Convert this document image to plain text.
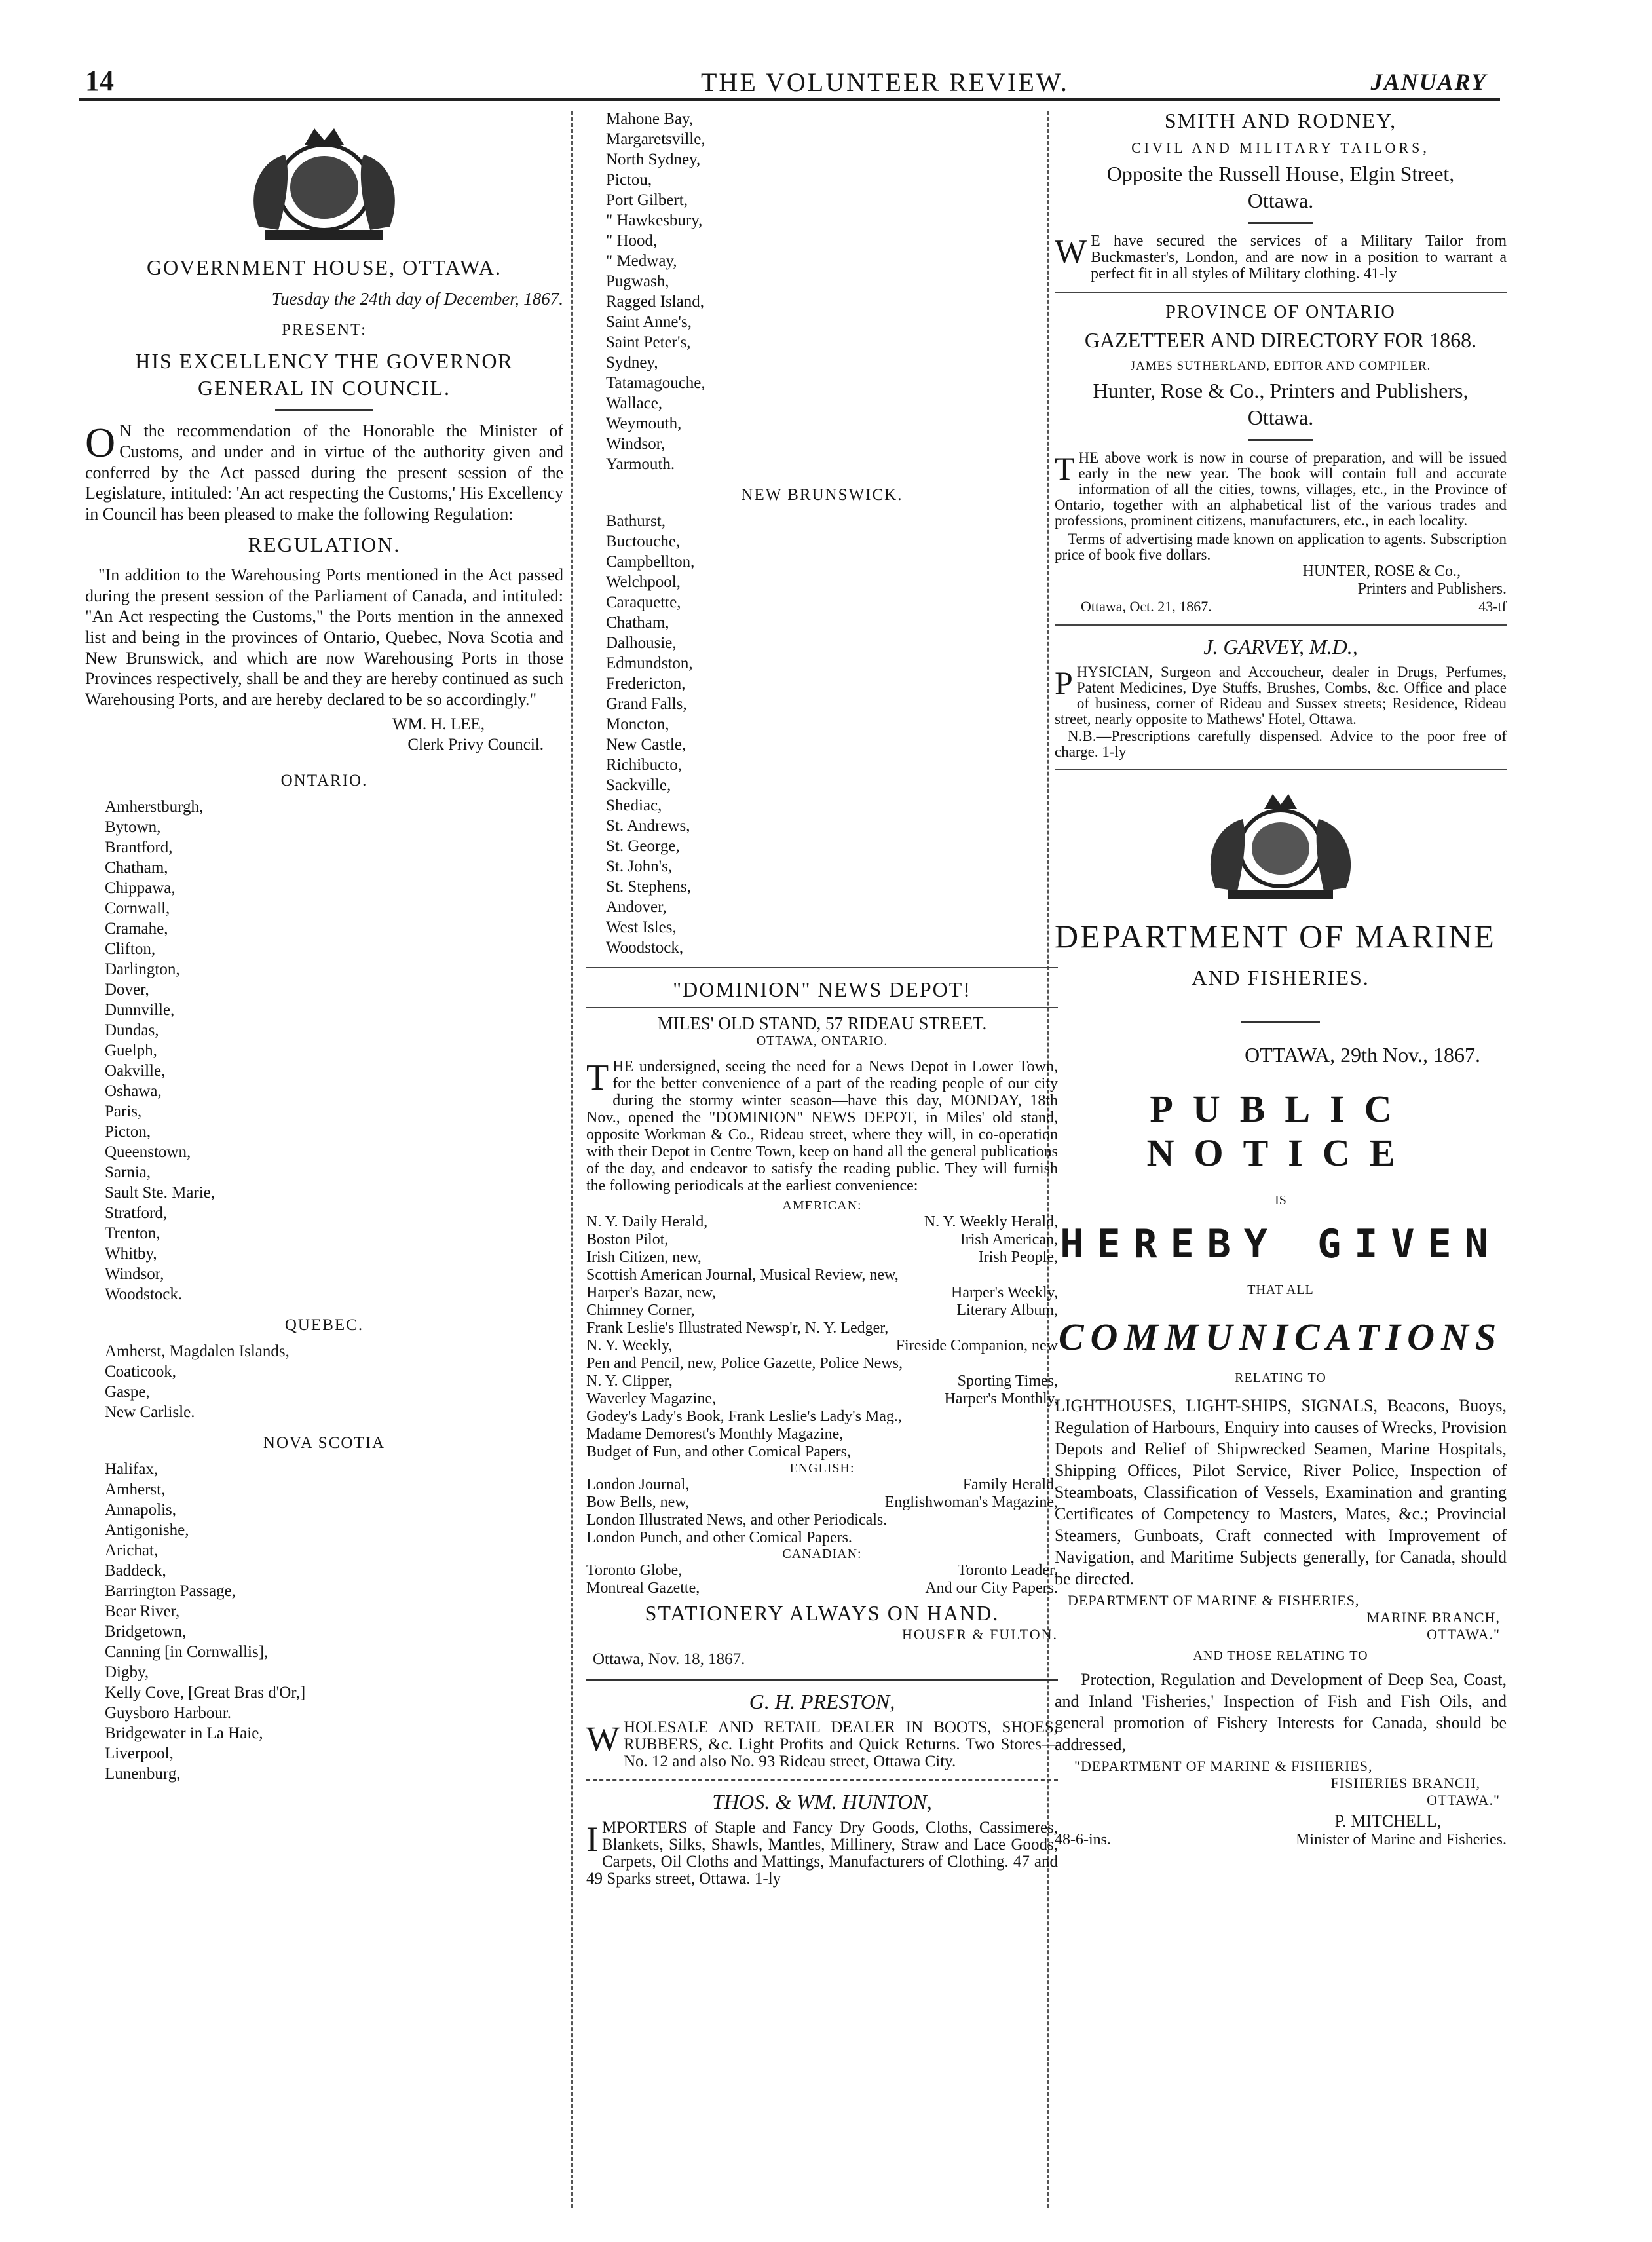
14	THE VOLUNTEER REVIEW.	JANUARY
GOVERNMENT HOUSE, OTTAWA.
Tuesday the 24th day of December, 1867.
PRESENT:
HIS EXCELLENCY THE GOVERNOR
GENERAL IN COUNCIL.

O N the recommendation of the Honorable the Minister of Customs, and under and in virtue of the authority given and conferred by the Act passed during the present session of the Legislature, intituled: 'An act respecting the Customs,' His Excellency in Council has been pleased to make the following Regulation:

REGULATION.

"In addition to the Warehousing Ports mentioned in the Act passed during the present session of the Parliament of Canada, and intituled: "An Act respecting the Customs," the Ports mention in the annexed list and being in the provinces of Ontario, Quebec, Nova Scotia and New Brunswick, and which are now Warehousing Ports in those Provinces respectively, shall be and they are hereby continued as such Warehousing Ports, and are hereby declared to be so accordingly."

WM. H. LEE,
Clerk Privy Council.
ONTARIO.
Amherstburgh,
Bytown,
Brantford,
Chatham,
Chippawa,
Cornwall,
Cramahe,
Clifton,
Darlington,
Dover,
Dunnville,
Dundas,
Guelph,
Oakville,
Oshawa,
Paris,
Picton,
Queenstown,
Sarnia,
Sault Ste. Marie,
Stratford,
Trenton,
Whitby,
Windsor,
Woodstock.
QUEBEC.
Amherst, Magdalen Islands,
Coaticook,
Gaspe,
New Carlisle.
NOVA SCOTIA
Halifax,
Amherst,
Annapolis,
Antigonishe,
Arichat,
Baddeck,
Barrington Passage,
Bear River,
Bridgetown,
Canning [in Cornwallis],
Digby,
Kelly Cove, [Great Bras d'Or,]
Guysboro Harbour.
Bridgewater in La Haie,
Liverpool,
Lunenburg,
Mahone Bay,
Margaretsville,
North Sydney,
Pictou,
Port Gilbert,
" Hawkesbury,
" Hood,
" Medway,
Pugwash,
Ragged Island,
Saint Anne's,
Saint Peter's,
Sydney,
Tatamagouche,
Wallace,
Weymouth,
Windsor,
Yarmouth.
NEW BRUNSWICK.
Bathurst,
Buctouche,
Campbellton,
Welchpool,
Caraquette,
Chatham,
Dalhousie,
Edmundston,
Fredericton,
Grand Falls,
Moncton,
New Castle,
Richibucto,
Sackville,
Shediac,
St. Andrews,
St. George,
St. John's,
St. Stephens,
Andover,
West Isles,
Woodstock,
"DOMINION" NEWS DEPOT!
MILES' OLD STAND, 57 RIDEAU STREET.
OTTAWA, ONTARIO.

THE undersigned, seeing the need for a News Depot in Lower Town, for the better convenience of a part of the reading people of our city during the stormy winter season—have this day, MONDAY, 18th Nov., opened the "DOMINION" NEWS DEPOT, in Miles' old stand, opposite Workman & Co., Rideau street, where they will, in co-operation with their Depot in Centre Town, keep on hand all the general publications of the day, and endeavor to satisfy the reading public. They will furnish the following periodicals at the earliest convenience:

AMERICAN:
N. Y. Daily Herald,	N. Y. Weekly Herald,
Boston Pilot,	Irish American,
Irish Citizen, new,	Irish People,
Scottish American Journal, Musical Review, new,
Harper's Bazar, new,	Harper's Weekly,
Chimney Corner,	Literary Album,
Frank Leslie's Illustrated Newsp'r, N. Y. Ledger,
N. Y. Weekly,	Fireside Companion, new
Pen and Pencil, new, Police Gazette, Police News,
N. Y. Clipper,	Sporting Times,
Waverley Magazine,	Harper's Monthly,
Godey's Lady's Book, Frank Leslie's Lady's Mag.,
Madame Demorest's Monthly Magazine,
Budget of Fun, and other Comical Papers,
ENGLISH:
London Journal,	Family Herald,
Bow Bells, new,	Englishwoman's Magazine,
London Illustrated News, and other Periodicals.
London Punch, and other Comical Papers.
CANADIAN:
Toronto Globe,	Toronto Leader,
Montreal Gazette,	And our City Papers.
STATIONERY ALWAYS ON HAND.
HOUSER & FULTON.
Ottawa, Nov. 18, 1867.
G. H. PRESTON,

WHOLESALE AND RETAIL DEALER IN BOOTS, SHOES, RUBBERS, &c. Light Profits and Quick Returns. Two Stores—No. 12 and also No. 93 Rideau street, Ottawa City.

THOS. & WM. HUNTON,

IMPORTERS of Staple and Fancy Dry Goods, Cloths, Cassimeres, Blankets, Silks, Shawls, Mantles, Millinery, Straw and Lace Goods, Carpets, Oil Cloths and Mattings, Manufacturers of Clothing. 47 and 49 Sparks street, Ottawa. 1-ly

SMITH AND RODNEY,
CIVIL AND MILITARY TAILORS,
Opposite the Russell House, Elgin Street,
Ottawa.

W E have secured the services of a Military Tailor from Buckmaster's, London, and are now in a position to warrant a perfect fit in all styles of Military clothing. 41-ly

PROVINCE OF ONTARIO
GAZETTEER AND DIRECTORY FOR 1868.
JAMES SUTHERLAND, EDITOR AND COMPILER.
Hunter, Rose & Co., Printers and Publishers,
Ottawa.

THE above work is now in course of preparation, and will be issued early in the new year. The book will contain full and accurate information of all the cities, towns, villages, etc., in the Province of Ontario, together with an alphabetical list of the various trades and professions, prominent citizens, manufacturers, etc., in each locality.

Terms of advertising made known on application to agents. Subscription price of book five dollars.

HUNTER, ROSE & Co.,
Printers and Publishers.
Ottawa, Oct. 21, 1867.	43-tf
J. GARVEY, M.D.,

PHYSICIAN, Surgeon and Accoucheur, dealer in Drugs, Perfumes, Patent Medicines, Dye Stuffs, Brushes, Combs, &c. Office and place of business, corner of Rideau and Sussex streets; Residence, Rideau street, nearly opposite to Mathews' Hotel, Ottawa.

N.B.—Prescriptions carefully dispensed. Advice to the poor free of charge. 1-ly

DEPARTMENT OF MARINE
AND FISHERIES.
OTTAWA, 29th Nov., 1867.
PUBLIC NOTICE
IS
HEREBY GIVEN
THAT ALL
COMMUNICATIONS
RELATING TO

LIGHTHOUSES, LIGHT-SHIPS, SIGNALS, Beacons, Buoys, Regulation of Harbours, Enquiry into causes of Wrecks, Provision Depots and Relief of Shipwrecked Seamen, Marine Hospitals, Shipping Offices, Pilot Service, River Police, Inspection of Steamboats, Classification of Vessels, Examination and granting Certificates of Competency to Masters, Mates, &c.; Provincial Steamers, Gunboats, Craft connected with Improvement of Navigation, and Maritime Subjects generally, for Canada, should be directed.

DEPARTMENT OF MARINE & FISHERIES,
MARINE BRANCH,
OTTAWA."
AND THOSE RELATING TO

Protection, Regulation and Development of Deep Sea, Coast, and Inland 'Fisheries,' Inspection of Fish and Fish Oils, and general promotion of Fishery Interests for Canada, should be addressed,

"DEPARTMENT OF MARINE & FISHERIES,
FISHERIES BRANCH,
OTTAWA."
P. MITCHELL,
48-6-ins.	Minister of Marine and Fisheries.
